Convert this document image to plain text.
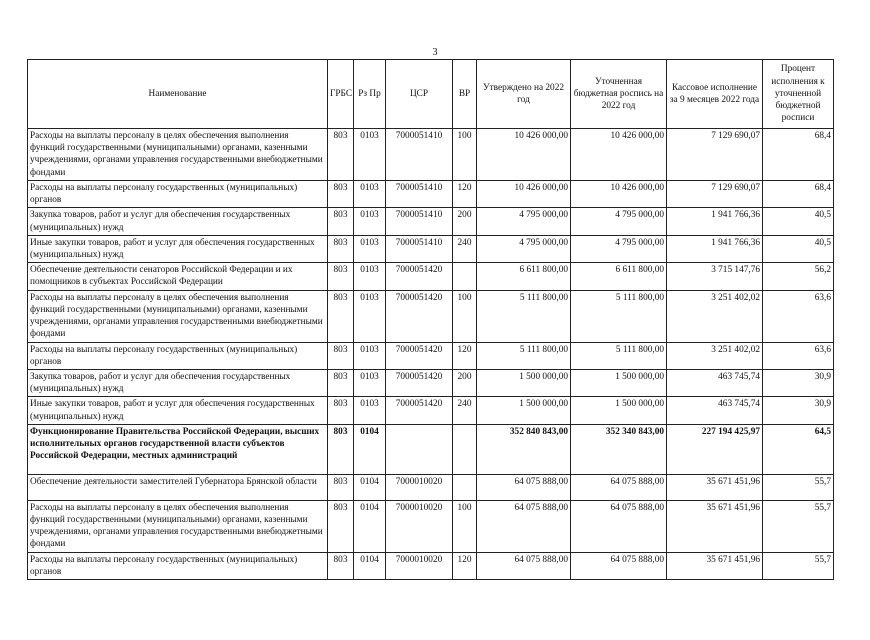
3
Наименование	ГРБС	Рз Пр	ЦСР	ВР	Утверждено на 2022 год	Уточненная бюджетная роспись на 2022 год	Кассовое исполнение за 9 месяцев 2022 года	Процент исполнения к уточненной бюджетной росписи
Расходы на выплаты персоналу в целях обеспечения выполнения функций государственными (муниципальными) органами, казенными учреждениями, органами управления государственными внебюджетными фондами	803	0103	7000051410	100	10 426 000,00	10 426 000,00	7 129 690,07	68,4
Расходы на выплаты персоналу государственных (муниципальных) органов	803	0103	7000051410	120	10 426 000,00	10 426 000,00	7 129 690,07	68,4
Закупка товаров, работ и услуг для обеспечения государственных (муниципальных) нужд	803	0103	7000051410	200	4 795 000,00	4 795 000,00	1 941 766,36	40,5
Иные закупки товаров, работ и услуг для обеспечения государственных (муниципальных) нужд	803	0103	7000051410	240	4 795 000,00	4 795 000,00	1 941 766,36	40,5
Обеспечение деятельности сенаторов Российской Федерации и их помощников в субъектах Российской Федерации	803	0103	7000051420		6 611 800,00	6 611 800,00	3 715 147,76	56,2
Расходы на выплаты персоналу в целях обеспечения выполнения функций государственными (муниципальными) органами, казенными учреждениями, органами управления государственными внебюджетными фондами	803	0103	7000051420	100	5 111 800,00	5 111 800,00	3 251 402,02	63,6
Расходы на выплаты персоналу государственных (муниципальных) органов	803	0103	7000051420	120	5 111 800,00	5 111 800,00	3 251 402,02	63,6
Закупка товаров, работ и услуг для обеспечения государственных (муниципальных) нужд	803	0103	7000051420	200	1 500 000,00	1 500 000,00	463 745,74	30,9
Иные закупки товаров, работ и услуг для обеспечения государственных (муниципальных) нужд	803	0103	7000051420	240	1 500 000,00	1 500 000,00	463 745,74	30,9
Функционирование Правительства Российской Федерации, высших исполнительных органов государственной власти субъектов Российской Федерации, местных администраций	803	0104			352 840 843,00	352 340 843,00	227 194 425,97	64,5
Обеспечение деятельности заместителей Губернатора Брянской области	803	0104	7000010020		64 075 888,00	64 075 888,00	35 671 451,96	55,7
Расходы на выплаты персоналу в целях обеспечения выполнения функций государственными (муниципальными) органами, казенными учреждениями, органами управления государственными внебюджетными фондами	803	0104	7000010020	100	64 075 888,00	64 075 888,00	35 671 451,96	55,7
Расходы на выплаты персоналу государственных (муниципальных) органов	803	0104	7000010020	120	64 075 888,00	64 075 888,00	35 671 451,96	55,7
